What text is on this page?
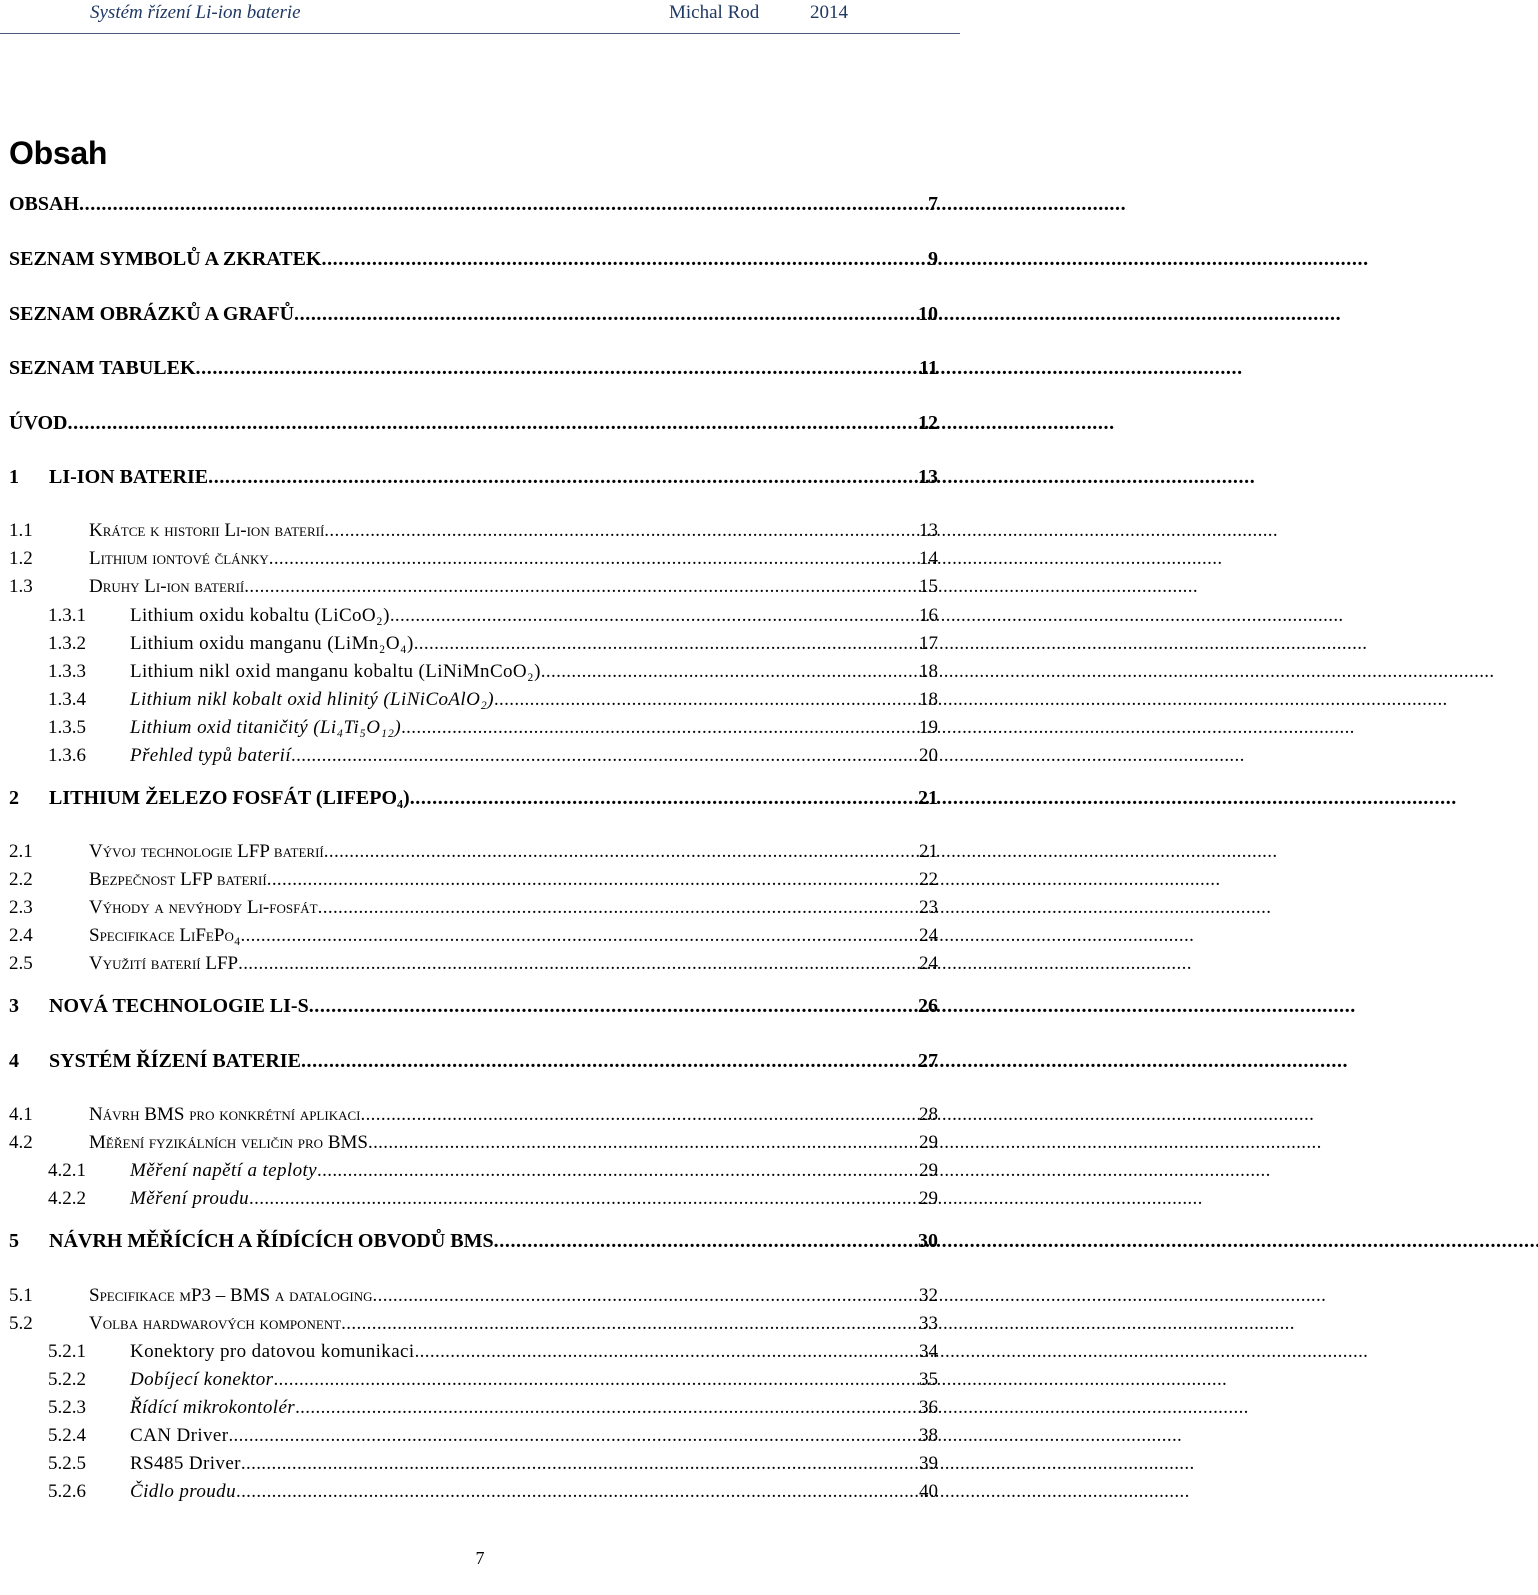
Systém řízení Li-ion baterie	Michal Rod	2014
Obsah
OBSAH . . .	7
SEZNAM SYMBOLŮ A ZKRATEK . . .	9
SEZNAM OBRÁZKŮ A GRAFŮ . . .	10
SEZNAM TABULEK . . .	11
ÚVOD . . .	12
1	LI-ION BATERIE . . .	13
1.1	Krátce k historii Li-ion baterií . . .	13
1.2	Lithium iontové články . . .	14
1.3	Druhy Li-ion baterií . . .	15
1.3.1	Lithium oxidu kobaltu (LiCoO₂) . . .	16
1.3.2	Lithium oxidu manganu (LiMn₂O₄) . . .	17
1.3.3	Lithium nikl oxid manganu kobaltu (LiNiMnCoO₂) . . .	18
1.3.4	Lithium nikl kobalt oxid hlinitý (LiNiCoAlO₂) . . .	18
1.3.5	Lithium oxid titaničitý (Li₄Ti₅O₁₂) . . .	19
1.3.6	Přehled typů baterií . . .	20
2	LITHIUM ŽELEZO FOSFÁT (LIFEPO₄) . . .	21
2.1	Vývoj technologie LFP baterií . . .	21
2.2	Bezpečnost LFP baterií . . .	22
2.3	Výhody a nevýhody Li-fosfát . . .	23
2.4	Specifikace LiFePo₄ . . .	24
2.5	Využití baterií LFP . . .	24
3	NOVÁ TECHNOLOGIE LI-S . . .	26
4	SYSTÉM ŘÍZENÍ BATERIE . . .	27
4.1	Návrh BMS pro konkrétní aplikaci . . .	28
4.2	Měření fyzikálních veličin pro BMS . . .	29
4.2.1	Měření napětí a teploty . . .	29
4.2.2	Měření proudu . . .	29
5	NÁVRH MĚŘÍCÍCH A ŘÍDÍCÍCH OBVODŮ BMS . . .	30
5.1	Specifikace µP3 – BMS a dataloging . . .	32
5.2	Volba hardwarových komponent . . .	33
5.2.1	Konektory pro datovou komunikaci . . .	34
5.2.2	Dobíjecí konektor . . .	35
5.2.3	Řídící mikrokontolér . . .	36
5.2.4	CAN Driver . . .	38
5.2.5	RS485 Driver . . .	39
5.2.6	Čidlo proudu . . .	40
7
